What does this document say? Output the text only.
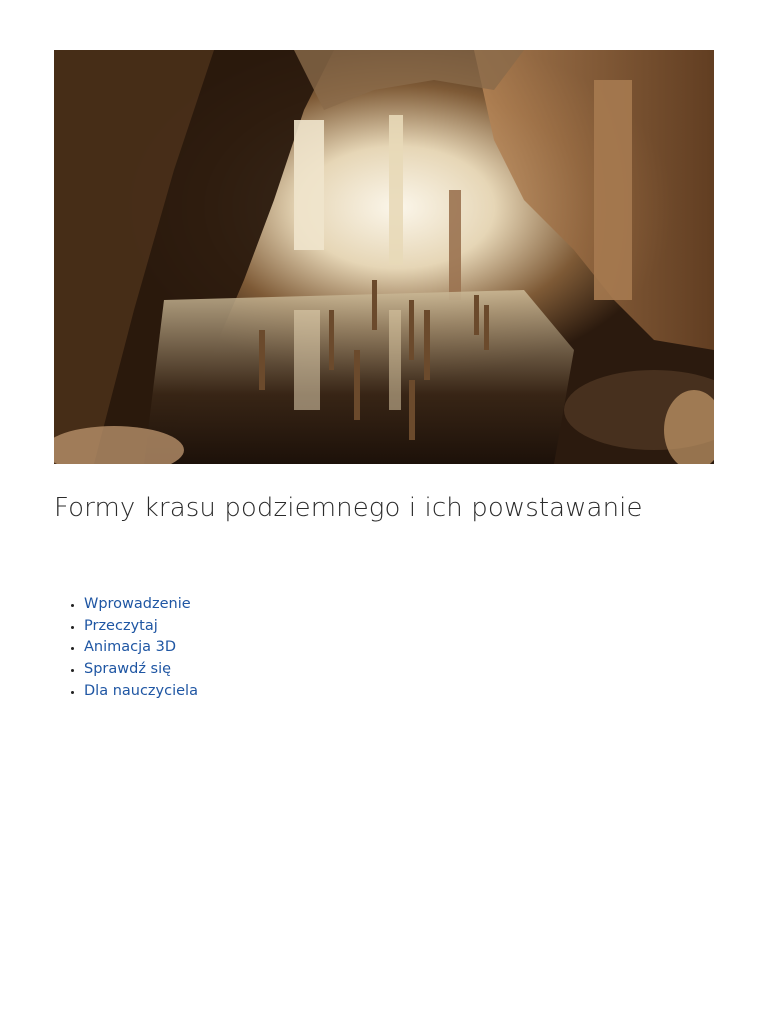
Formy krasu podziemnego i ich powstawanie
• Wprowadzenie
• Przeczytaj
• Animacja 3D
• Sprawdź się
• Dla nauczyciela
